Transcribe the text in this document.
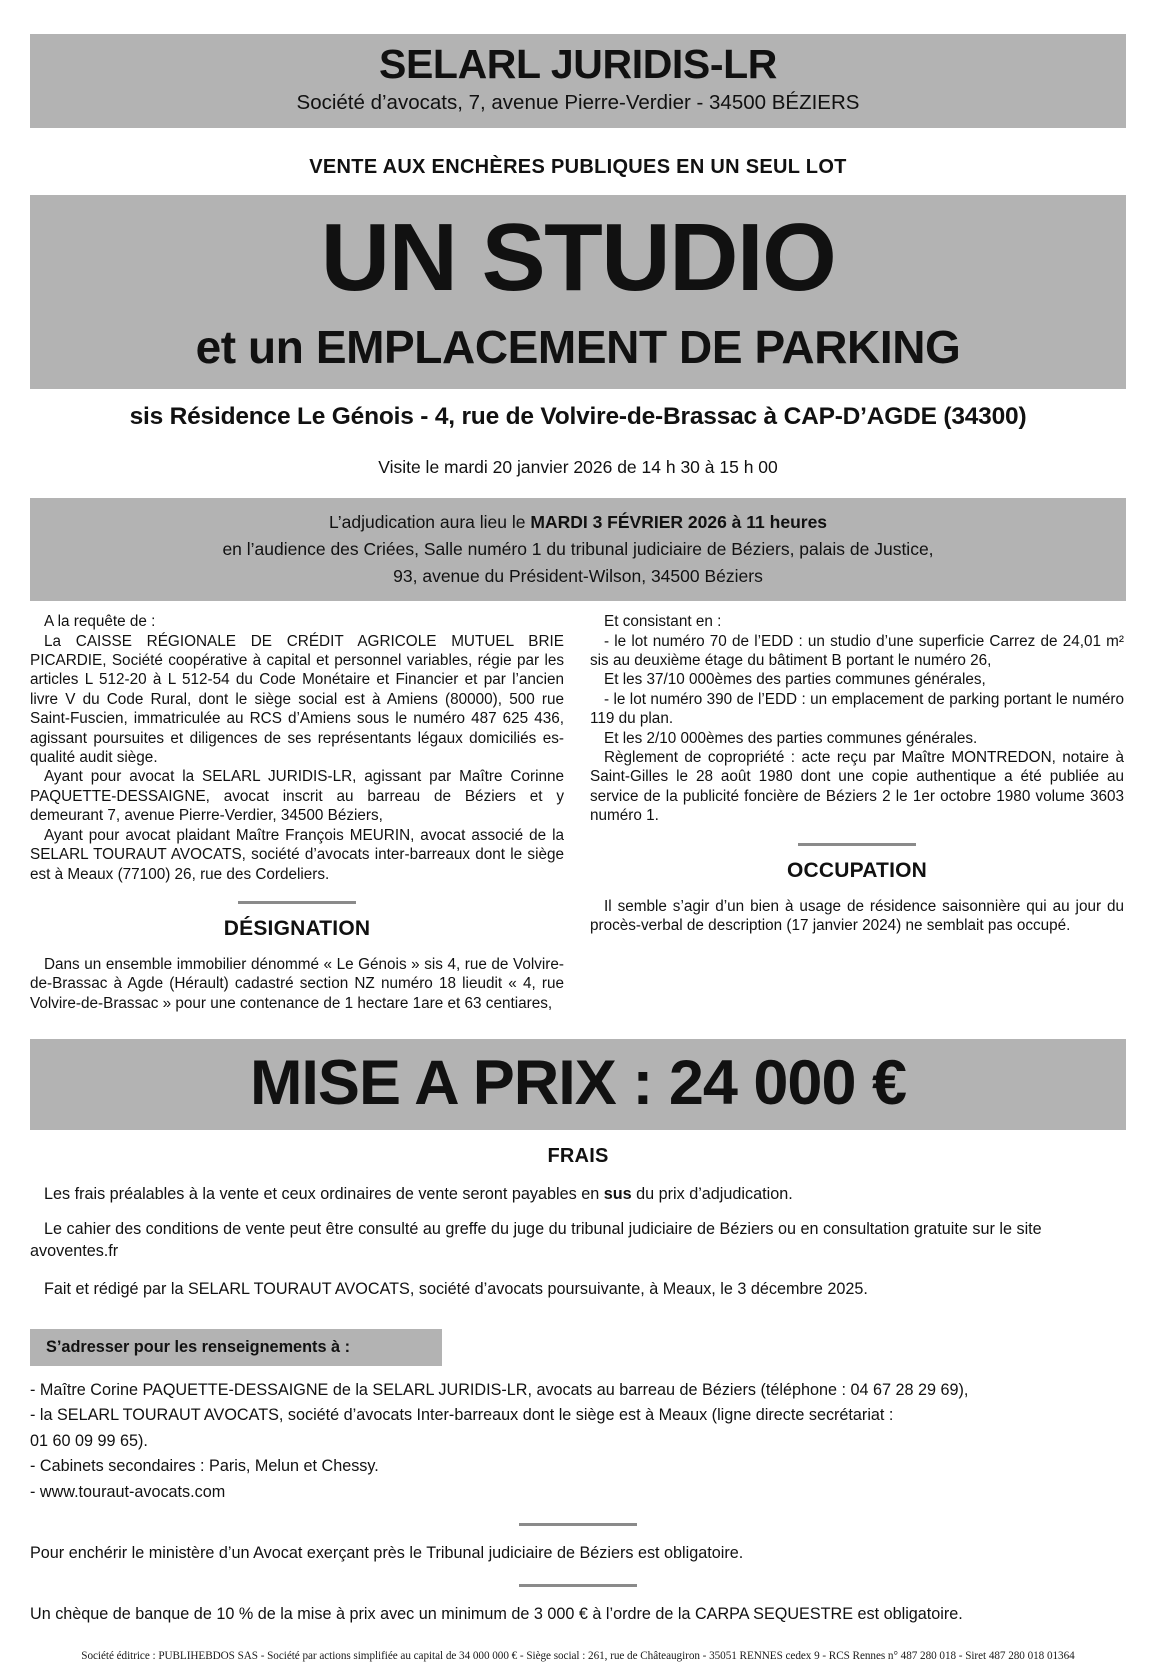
SELARL JURIDIS-LR
Société d’avocats, 7, avenue Pierre-Verdier - 34500 BÉZIERS
VENTE AUX ENCHÈRES PUBLIQUES EN UN SEUL LOT
UN STUDIO
et un EMPLACEMENT DE PARKING
sis Résidence Le Génois - 4, rue de Volvire-de-Brassac à CAP-D’AGDE (34300)
Visite le mardi 20 janvier 2026 de 14 h 30 à 15 h 00
L’adjudication aura lieu le MARDI 3 FÉVRIER 2026 à 11 heures
en l’audience des Criées, Salle numéro 1 du tribunal judiciaire de Béziers, palais de Justice,
93, avenue du Président-Wilson, 34500 Béziers

A la requête de :

La CAISSE RÉGIONALE DE CRÉDIT AGRICOLE MUTUEL BRIE PICARDIE, Société coopérative à capital et personnel variables, régie par les articles L 512-20 à L 512-54 du Code Monétaire et Financier et par l’ancien livre V du Code Rural, dont le siège social est à Amiens (80000), 500 rue Saint-Fuscien, immatriculée au RCS d’Amiens sous le numéro 487 625 436, agissant poursuites et diligences de ses représentants légaux domiciliés es-qualité audit siège.

Ayant pour avocat la SELARL JURIDIS-LR, agissant par Maître Corinne PAQUETTE-DESSAIGNE, avocat inscrit au barreau de Béziers et y demeurant 7, avenue Pierre-Verdier, 34500 Béziers,

Ayant pour avocat plaidant Maître François MEURIN, avocat associé de la SELARL TOURAUT AVOCATS, société d’avocats inter-barreaux dont le siège est à Meaux (77100) 26, rue des Cordeliers.

DÉSIGNATION

Dans un ensemble immobilier dénommé « Le Génois » sis 4, rue de Volvire-de-Brassac à Agde (Hérault) cadastré section NZ numéro 18 lieudit « 4, rue Volvire-de-Brassac » pour une contenance de 1 hectare 1are et 63 centiares,

Et consistant en :

- le lot numéro 70 de l’EDD : un studio d’une superficie Carrez de 24,01 m² sis au deuxième étage du bâtiment B portant le numéro 26,

Et les 37/10 000èmes des parties communes générales,

- le lot numéro 390 de l’EDD : un emplacement de parking portant le numéro 119 du plan.

Et les 2/10 000èmes des parties communes générales.

Règlement de copropriété : acte reçu par Maître MONTREDON, notaire à Saint-Gilles le 28 août 1980 dont une copie authentique a été publiée au service de la publicité foncière de Béziers 2 le 1er octobre 1980 volume 3603 numéro 1.

OCCUPATION

Il semble s’agir d’un bien à usage de résidence saisonnière qui au jour du procès-verbal de description (17 janvier 2024) ne semblait pas occupé.

MISE A PRIX : 24 000 €
FRAIS

Les frais préalables à la vente et ceux ordinaires de vente seront payables en sus du prix d’adjudication.

Le cahier des conditions de vente peut être consulté au greffe du juge du tribunal judiciaire de Béziers ou en consultation gratuite sur le site avoventes.fr

Fait et rédigé par la SELARL TOURAUT AVOCATS, société d’avocats poursuivante, à Meaux, le 3 décembre 2025.

S’adresser pour les renseignements à :

- Maître Corine PAQUETTE-DESSAIGNE de la SELARL JURIDIS-LR, avocats au barreau de Béziers (téléphone : 04 67 28 29 69),

- la SELARL TOURAUT AVOCATS, société d’avocats Inter-barreaux dont le siège est à Meaux (ligne directe secrétariat :

01 60 09 99 65).

- Cabinets secondaires : Paris, Melun et Chessy.

- www.touraut-avocats.com

Pour enchérir le ministère d’un Avocat exerçant près le Tribunal judiciaire de Béziers est obligatoire.

Un chèque de banque de 10 % de la mise à prix avec un minimum de 3 000 € à l’ordre de la CARPA SEQUESTRE est obligatoire.

Société éditrice : PUBLIHEBDOS SAS - Société par actions simplifiée au capital de 34 000 000 € - Siège social : 261, rue de Châteaugiron - 35051 RENNES cedex 9 - RCS Rennes n° 487 280 018 - Siret 487 280 018 01364
